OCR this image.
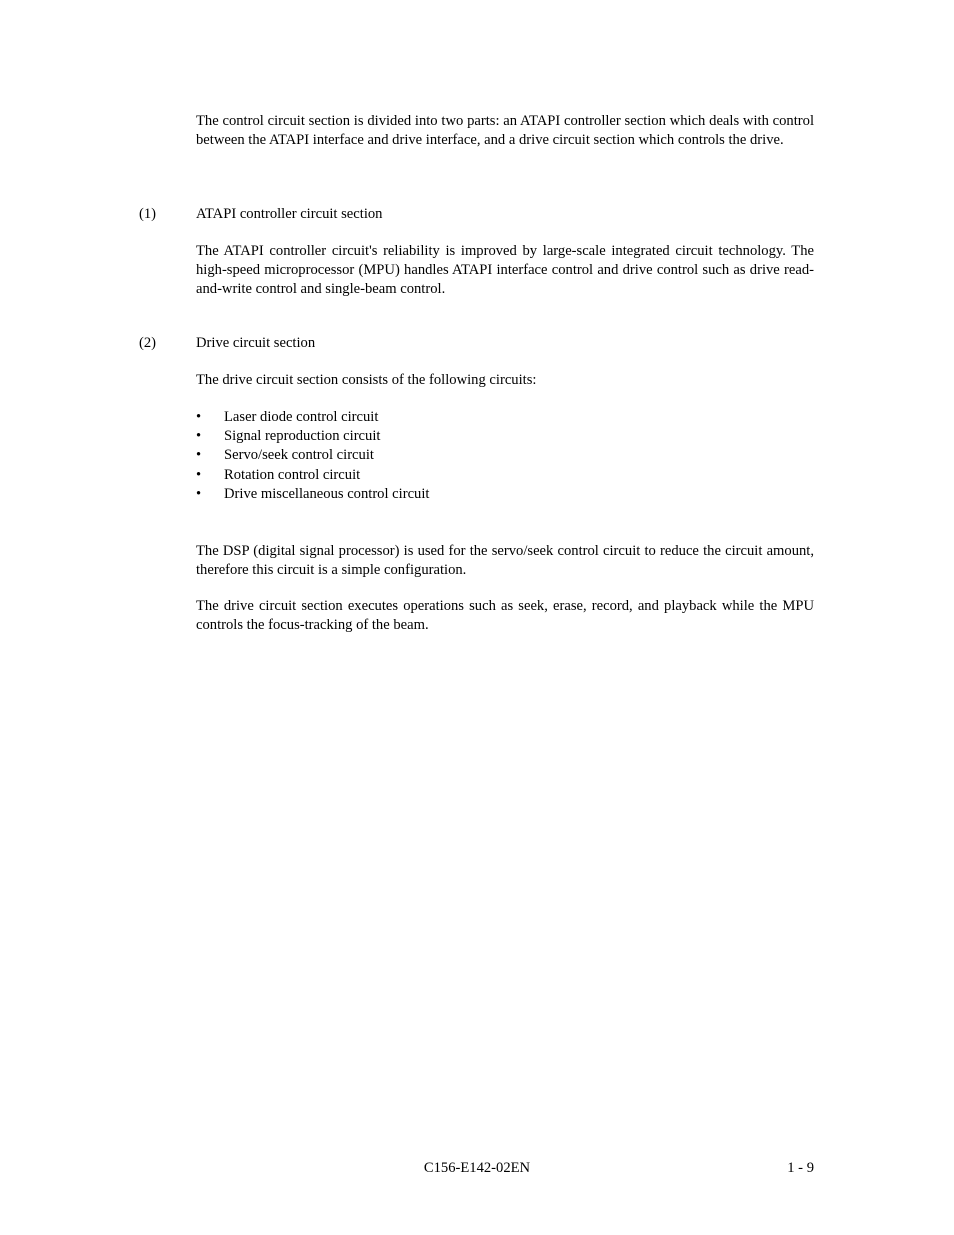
The control circuit section is divided into two parts: an ATAPI controller section which deals with control between the ATAPI interface and drive interface, and a drive circuit section which controls the drive.

(1)	ATAPI controller circuit section

The ATAPI controller circuit's reliability is improved by large-scale integrated circuit technology. The high-speed microprocessor (MPU) handles ATAPI interface control and drive control such as drive read-and-write control and single-beam control.

(2)	Drive circuit section

The drive circuit section consists of the following circuits:

•	Laser diode control circuit
•	Signal reproduction circuit
•	Servo/seek control circuit
•	Rotation control circuit
•	Drive miscellaneous control circuit

The DSP (digital signal processor) is used for the servo/seek control circuit to reduce the circuit amount, therefore this circuit is a simple configuration.

The drive circuit section executes operations such as seek, erase, record, and playback while the MPU controls the focus-tracking of the beam.

C156-E142-02EN	1 - 9
